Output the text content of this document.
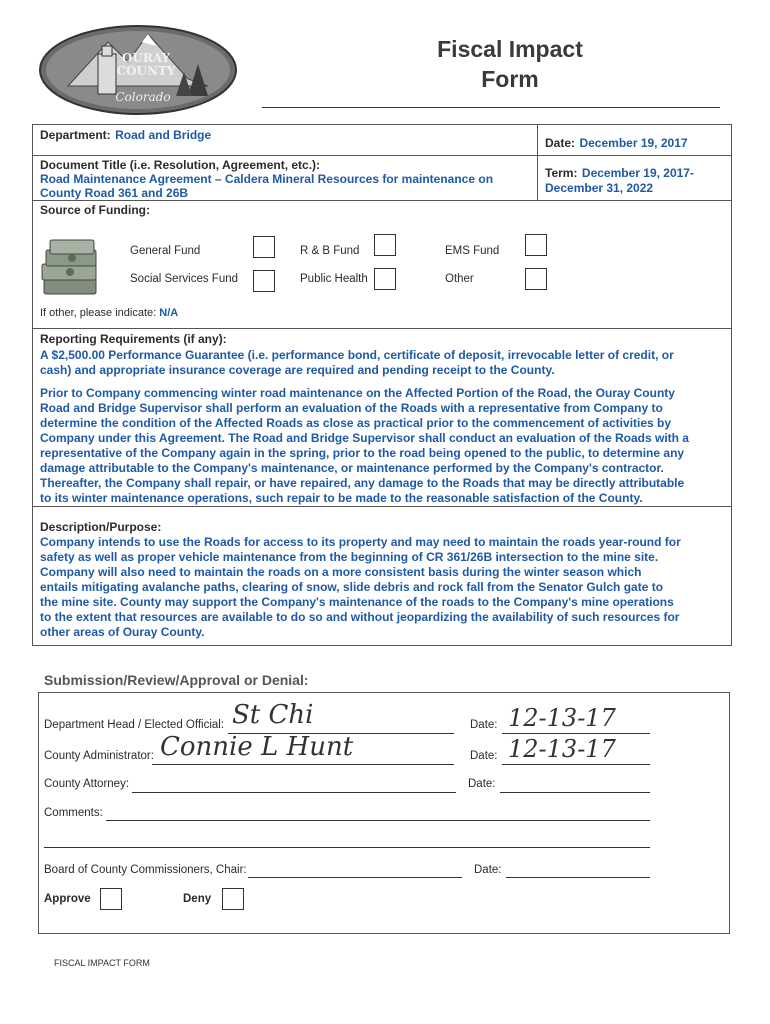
OURAY
COUNTY
Colorado
Fiscal Impact
Form
Department: Road and Bridge
Date: December 19, 2017
Document Title (i.e. Resolution, Agreement, etc.):
Road Maintenance Agreement – Caldera Mineral Resources for maintenance on
County Road 361 and 26B
Term: December 19, 2017-
December 31, 2022
Source of Funding:
General Fund	R & B Fund	EMS Fund
Social Services Fund	Public Health	Other
If other, please indicate: N/A
Reporting Requirements (if any):
A $2,500.00 Performance Guarantee (i.e. performance bond, certificate of deposit, irrevocable letter of credit, or
cash) and appropriate insurance coverage are required and pending receipt to the County.
Prior to Company commencing winter road maintenance on the Affected Portion of the Road, the Ouray County
Road and Bridge Supervisor shall perform an evaluation of the Roads with a representative from Company to
determine the condition of the Affected Roads as close as practical prior to the commencement of activities by
Company under this Agreement. The Road and Bridge Supervisor shall conduct an evaluation of the Roads with a
representative of the Company again in the spring, prior to the road being opened to the public, to determine any
damage attributable to the Company's maintenance, or maintenance performed by the Company's contractor.
Thereafter, the Company shall repair, or have repaired, any damage to the Roads that may be directly attributable
to its winter maintenance operations, such repair to be made to the reasonable satisfaction of the County.
Description/Purpose:
Company intends to use the Roads for access to its property and may need to maintain the roads year-round for
safety as well as proper vehicle maintenance from the beginning of CR 361/26B intersection to the mine site.
Company will also need to maintain the roads on a more consistent basis during the winter season which
entails mitigating avalanche paths, clearing of snow, slide debris and rock fall from the Senator Gulch gate to
the mine site. County may support the Company's maintenance of the roads to the Company's mine operations
to the extent that resources are available to do so and without jeopardizing the availability of such resources for
other areas of Ouray County.
Submission/Review/Approval or Denial:
Department Head / Elected Official: St Chi	Date: 12-13-17
County Administrator: Connie L Hunt	Date: 12-13-17
County Attorney:	Date:
Comments:
Board of County Commissioners, Chair:	Date:
Approve	Deny
FISCAL IMPACT FORM
